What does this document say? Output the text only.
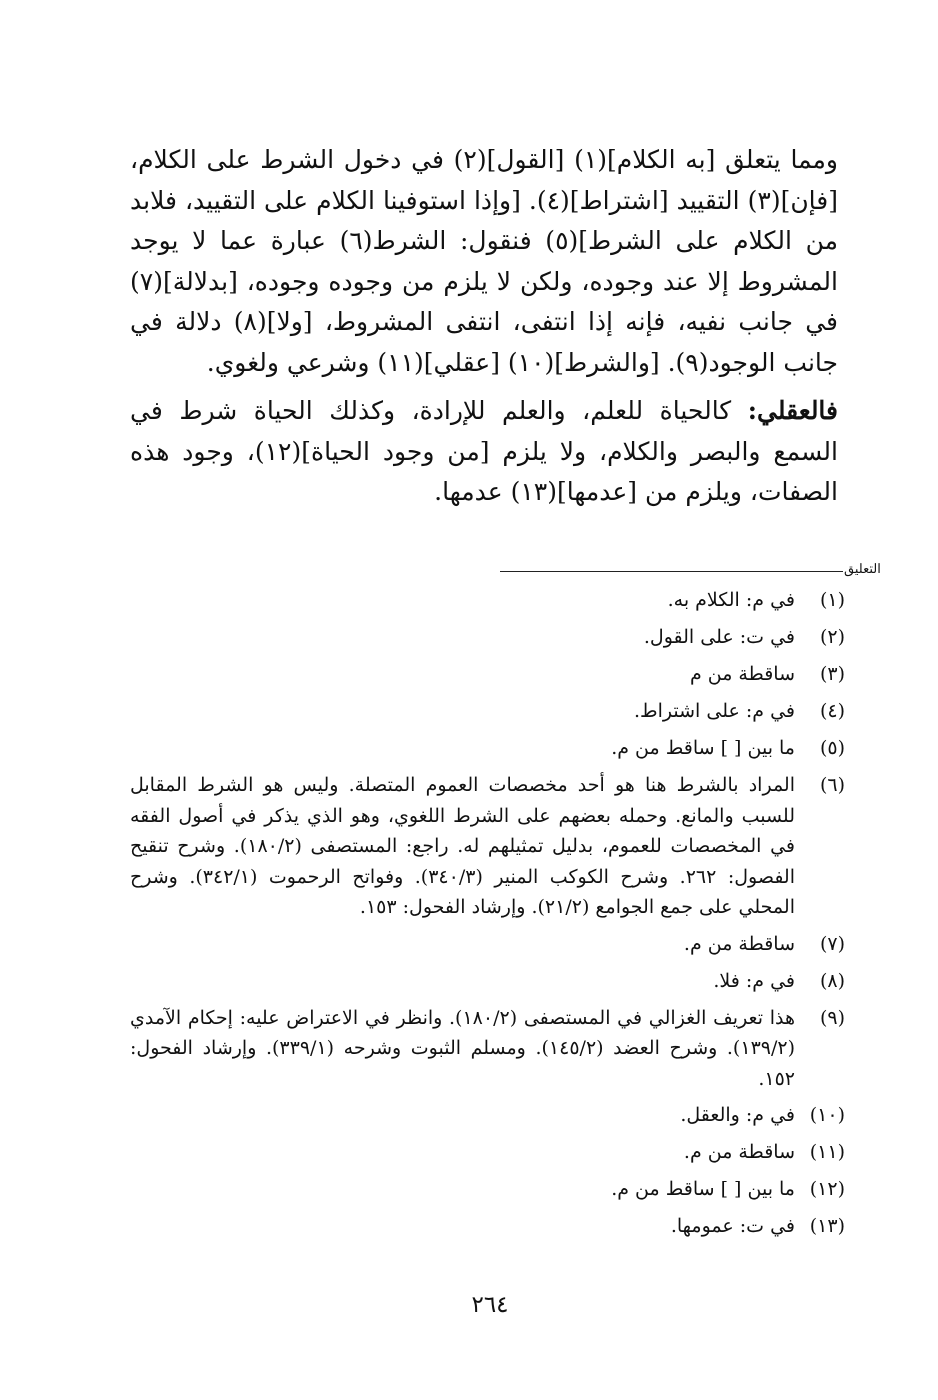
ومما يتعلق [به الكلام](١) [القول](٢) في دخول الشرط على الكلام، [فإن](٣) التقييد [اشتراط](٤). [وإذا استوفينا الكلام على التقييد، فلابد من الكلام على الشرط](٥) فنقول: الشرط(٦) عبارة عما لا يوجد المشروط إلا عند وجوده، ولكن لا يلزم من وجوده وجوده، [بدلالة](٧) في جانب نفيه، فإنه إذا انتفى، انتفى المشروط، [ولا](٨) دلالة في جانب الوجود(٩). [والشرط](١٠) [عقلي](١١) وشرعي ولغوي.

فالعقلي: كالحياة للعلم، والعلم للإرادة، وكذلك الحياة شرط في السمع والبصر والكلام، ولا يلزم [من وجود الحياة](١٢)، وجود هذه الصفات، ويلزم من [عدمها](١٣) عدمها.

التعليق
(١)
في م: الكلام به.
(٢)
في ت: على القول.
(٣)
ساقطة من م
(٤)
في م: على اشتراط.
(٥)
ما بين [ ] ساقط من م.
(٦)
المراد بالشرط هنا هو أحد مخصصات العموم المتصلة. وليس هو الشرط المقابل للسبب والمانع. وحمله بعضهم على الشرط اللغوي، وهو الذي يذكر في أصول الفقه في المخصصات للعموم، بدليل تمثيلهم له. راجع: المستصفى (١٨٠/٢). وشرح تنقيح الفصول: ٢٦٢. وشرح الكوكب المنير (٣٤٠/٣). وفواتح الرحموت (٣٤٢/١). وشرح المحلي على جمع الجوامع (٢١/٢). وإرشاد الفحول: ١٥٣.
(٧)
ساقطة من م.
(٨)
في م: فلا.
(٩)
هذا تعريف الغزالي في المستصفى (١٨٠/٢). وانظر في الاعتراض عليه: إحكام الآمدي (١٣٩/٢). وشرح العضد (١٤٥/٢). ومسلم الثبوت وشرحه (٣٣٩/١). وإرشاد الفحول: ١٥٢.
(١٠)
في م: والعقل.
(١١)
ساقطة من م.
(١٢)
ما بين [ ] ساقط من م.
(١٣)
في ت: عمومها.
٢٦٤
